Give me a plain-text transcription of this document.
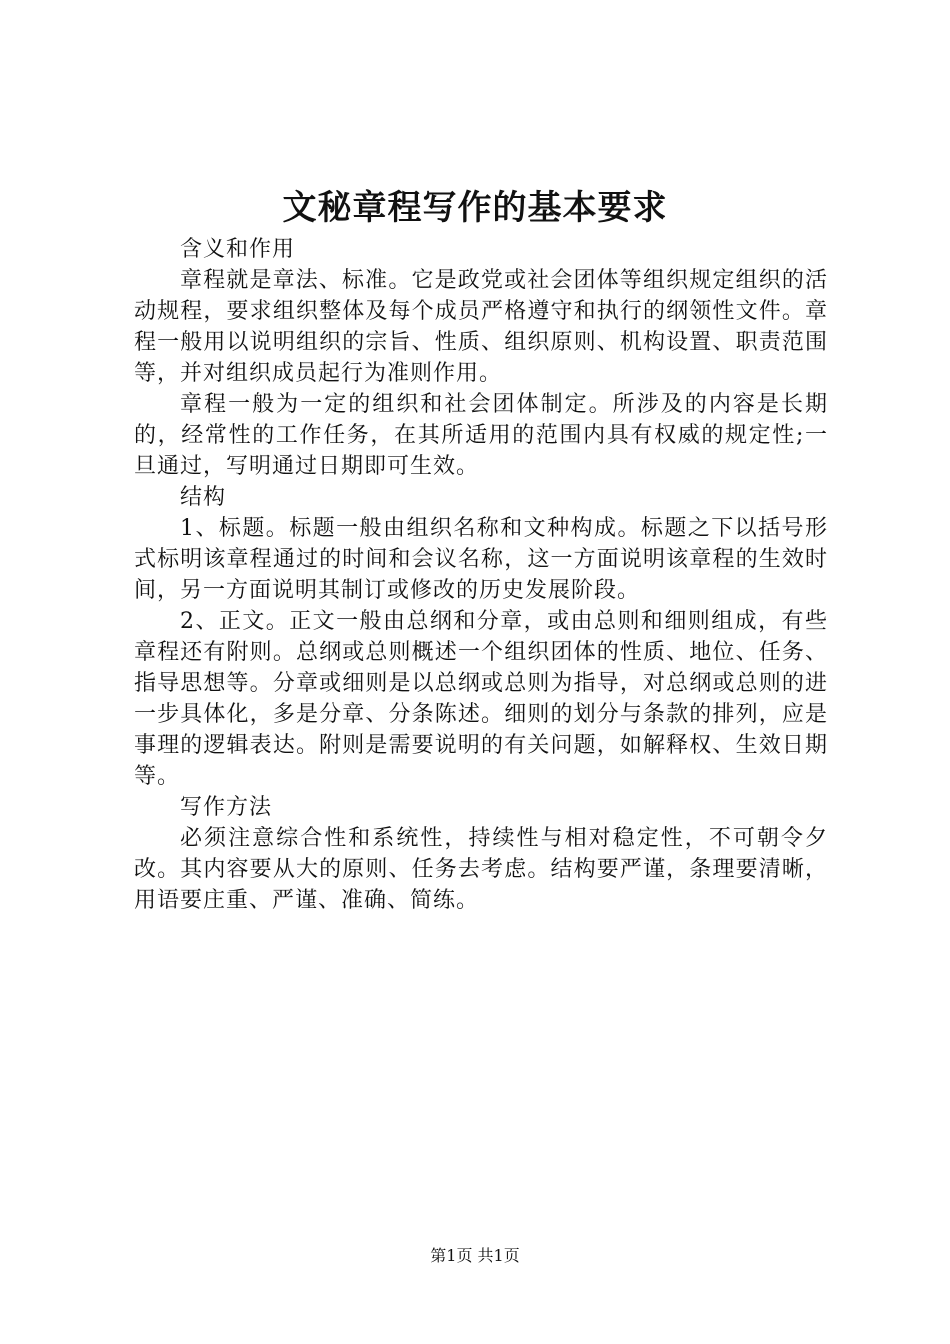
文秘章程写作的基本要求

含义和作用

章程就是章法、标准。它是政党或社会团体等组织规定组织的活动规程，要求组织整体及每个成员严格遵守和执行的纲领性文件。章程一般用以说明组织的宗旨、性质、组织原则、机构设置、职责范围等，并对组织成员起行为准则作用。

章程一般为一定的组织和社会团体制定。所涉及的内容是长期的，经常性的工作任务，在其所适用的范围内具有权威的规定性;一旦通过，写明通过日期即可生效。

结构

1、标题。标题一般由组织名称和文种构成。标题之下以括号形式标明该章程通过的时间和会议名称，这一方面说明该章程的生效时间，另一方面说明其制订或修改的历史发展阶段。

2、正文。正文一般由总纲和分章，或由总则和细则组成，有些章程还有附则。总纲或总则概述一个组织团体的性质、地位、任务、指导思想等。分章或细则是以总纲或总则为指导，对总纲或总则的进一步具体化，多是分章、分条陈述。细则的划分与条款的排列，应是事理的逻辑表达。附则是需要说明的有关问题，如解释权、生效日期等。

写作方法

必须注意综合性和系统性，持续性与相对稳定性，不可朝令夕改。其内容要从大的原则、任务去考虑。结构要严谨，条理要清晰，用语要庄重、严谨、准确、简练。

第1页 共1页
